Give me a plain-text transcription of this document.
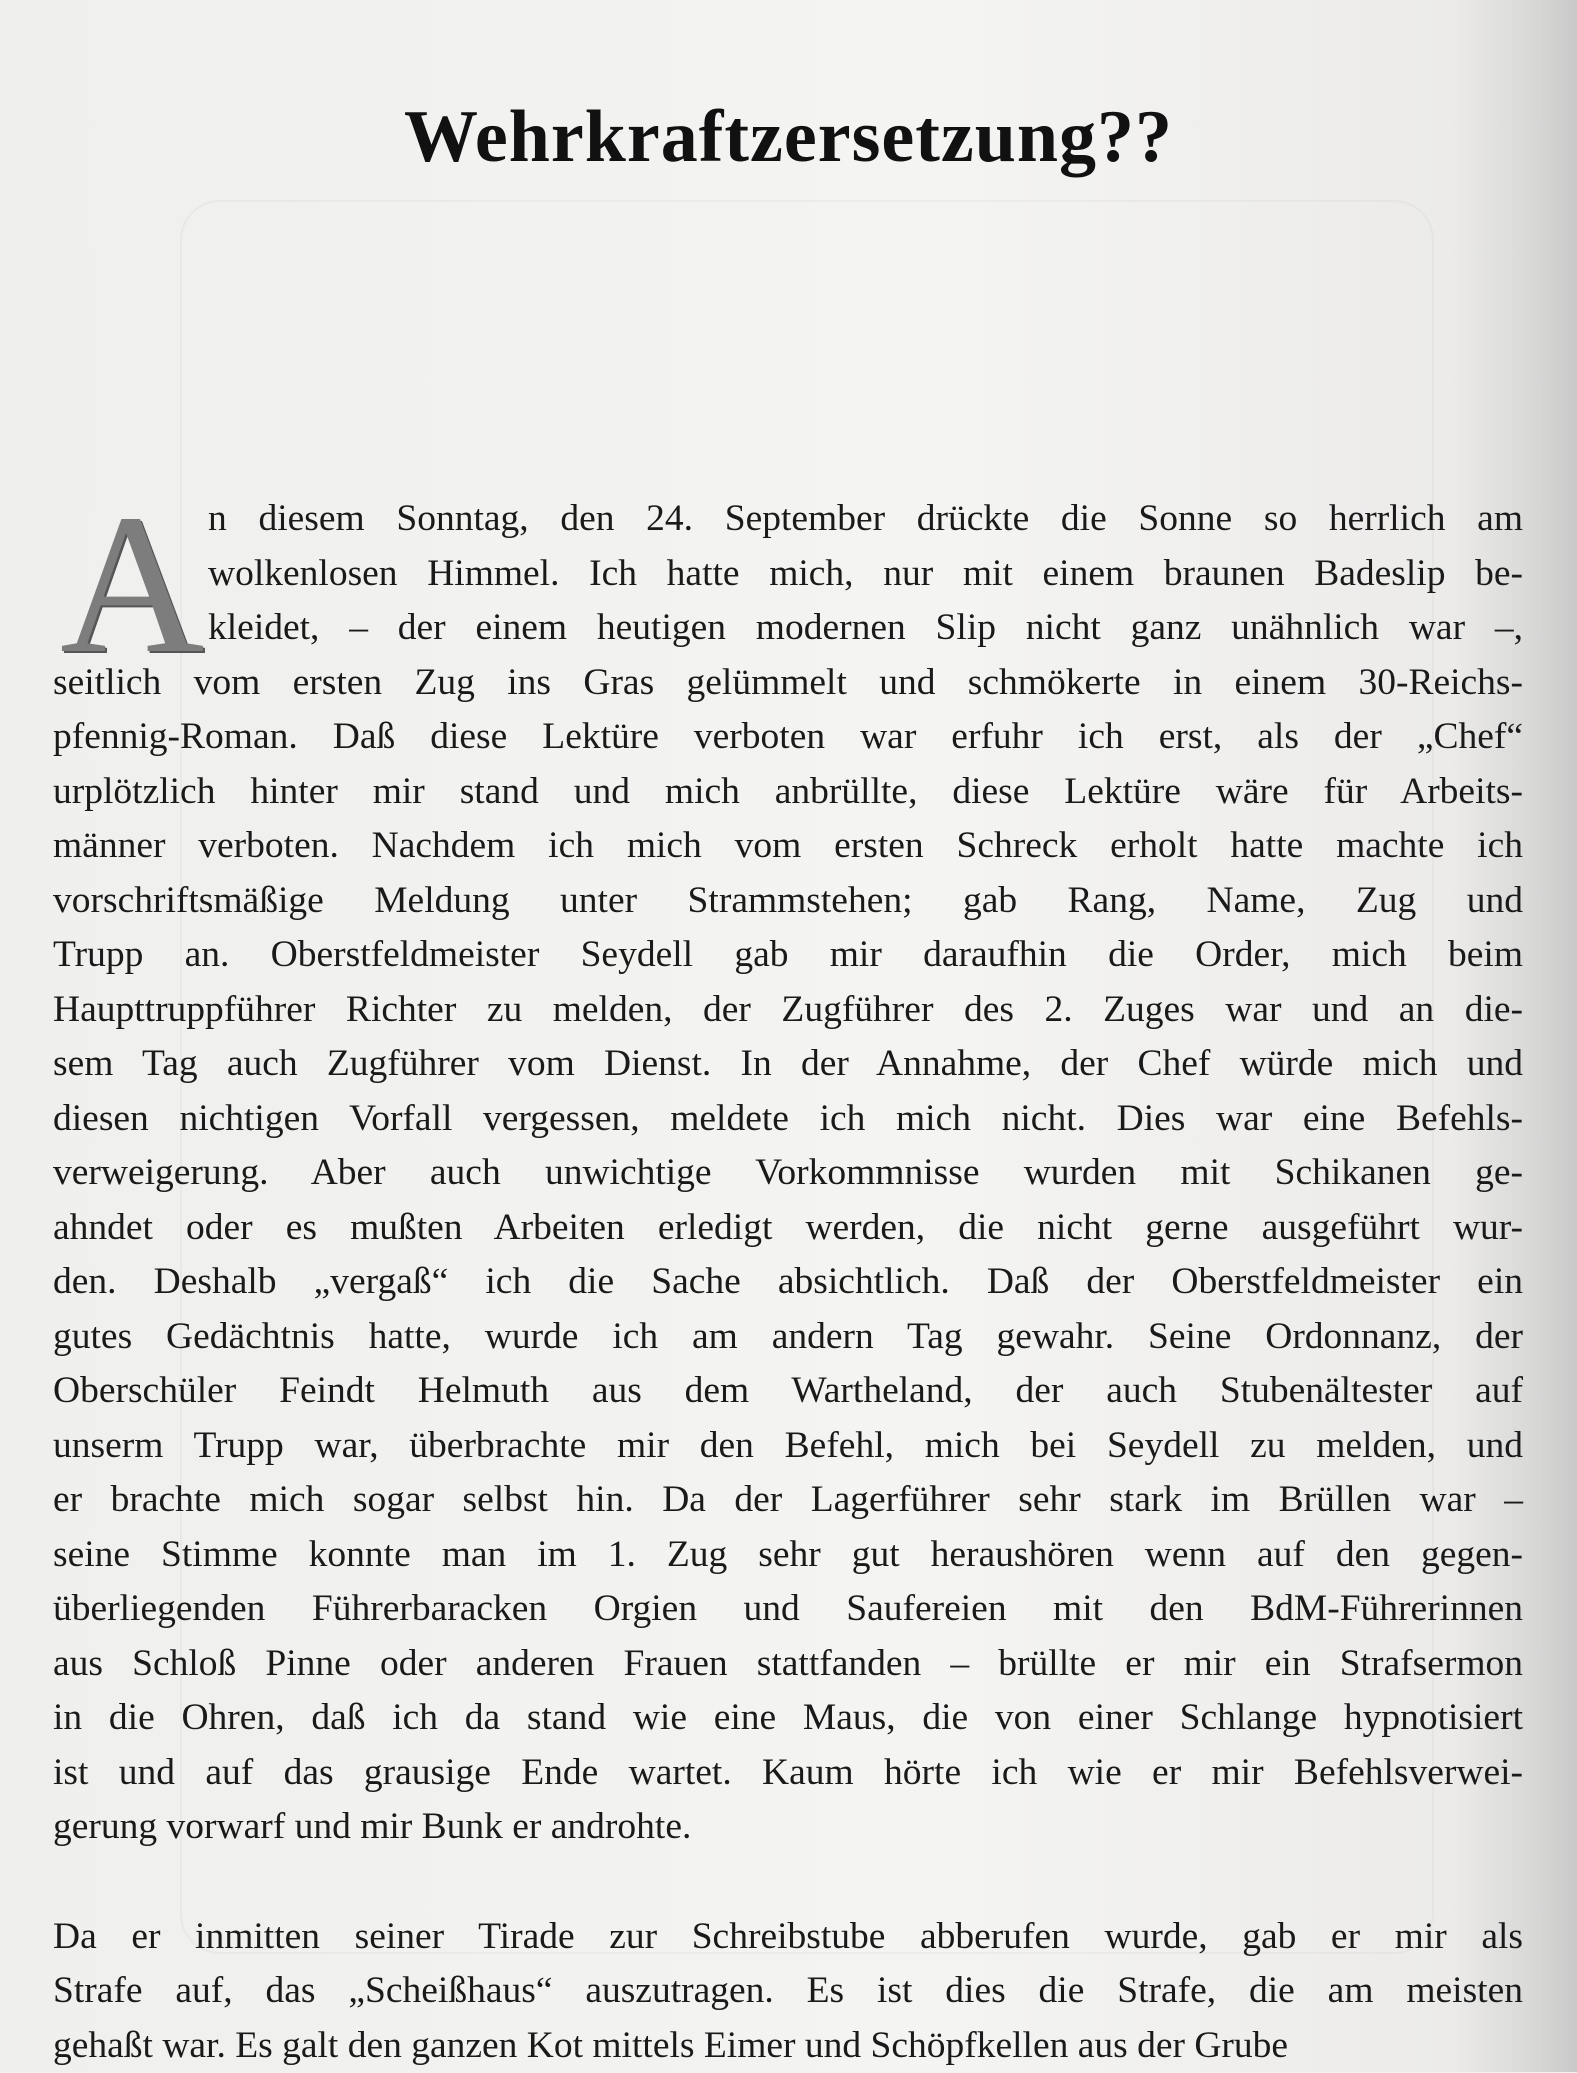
Wehrkraftzersetzung??
A n diesem Sonntag, den 24. September drückte die Sonne so herrlich am
wolkenlosen Himmel. Ich hatte mich, nur mit einem braunen Badeslip be-
kleidet, – der einem heutigen modernen Slip nicht ganz unähnlich war –,
seitlich vom ersten Zug ins Gras gelümmelt und schmökerte in einem 30-Reichs-
pfennig-Roman. Daß diese Lektüre verboten war erfuhr ich erst, als der „Chef“
urplötzlich hinter mir stand und mich anbrüllte, diese Lektüre wäre für Arbeits-
männer verboten. Nachdem ich mich vom ersten Schreck erholt hatte machte ich
vorschriftsmäßige Meldung unter Strammstehen; gab Rang, Name, Zug und
Trupp an. Oberstfeldmeister Seydell gab mir daraufhin die Order, mich beim
Haupttruppführer Richter zu melden, der Zugführer des 2. Zuges war und an die-
sem Tag auch Zugführer vom Dienst. In der Annahme, der Chef würde mich und
diesen nichtigen Vorfall vergessen, meldete ich mich nicht. Dies war eine Befehls-
verweigerung. Aber auch unwichtige Vorkommnisse wurden mit Schikanen ge-
ahndet oder es mußten Arbeiten erledigt werden, die nicht gerne ausgeführt wur-
den. Deshalb „vergaß“ ich die Sache absichtlich. Daß der Oberstfeldmeister ein
gutes Gedächtnis hatte, wurde ich am andern Tag gewahr. Seine Ordonnanz, der
Oberschüler Feindt Helmuth aus dem Wartheland, der auch Stubenältester auf
unserm Trupp war, überbrachte mir den Befehl, mich bei Seydell zu melden, und
er brachte mich sogar selbst hin. Da der Lagerführer sehr stark im Brüllen war –
seine Stimme konnte man im 1. Zug sehr gut heraushören wenn auf den gegen-
überliegenden Führerbaracken Orgien und Saufereien mit den BdM-Führerinnen
aus Schloß Pinne oder anderen Frauen stattfanden – brüllte er mir ein Strafsermon
in die Ohren, daß ich da stand wie eine Maus, die von einer Schlange hypnotisiert
ist und auf das grausige Ende wartet. Kaum hörte ich wie er mir Befehlsverwei-
gerung vorwarf und mir Bunk er androhte.
Da er inmitten seiner Tirade zur Schreibstube abberufen wurde, gab er mir als
Strafe auf, das „Scheißhaus“ auszutragen. Es ist dies die Strafe, die am meisten
gehaßt war. Es galt den ganzen Kot mittels Eimer und Schöpfkellen aus der Grube
